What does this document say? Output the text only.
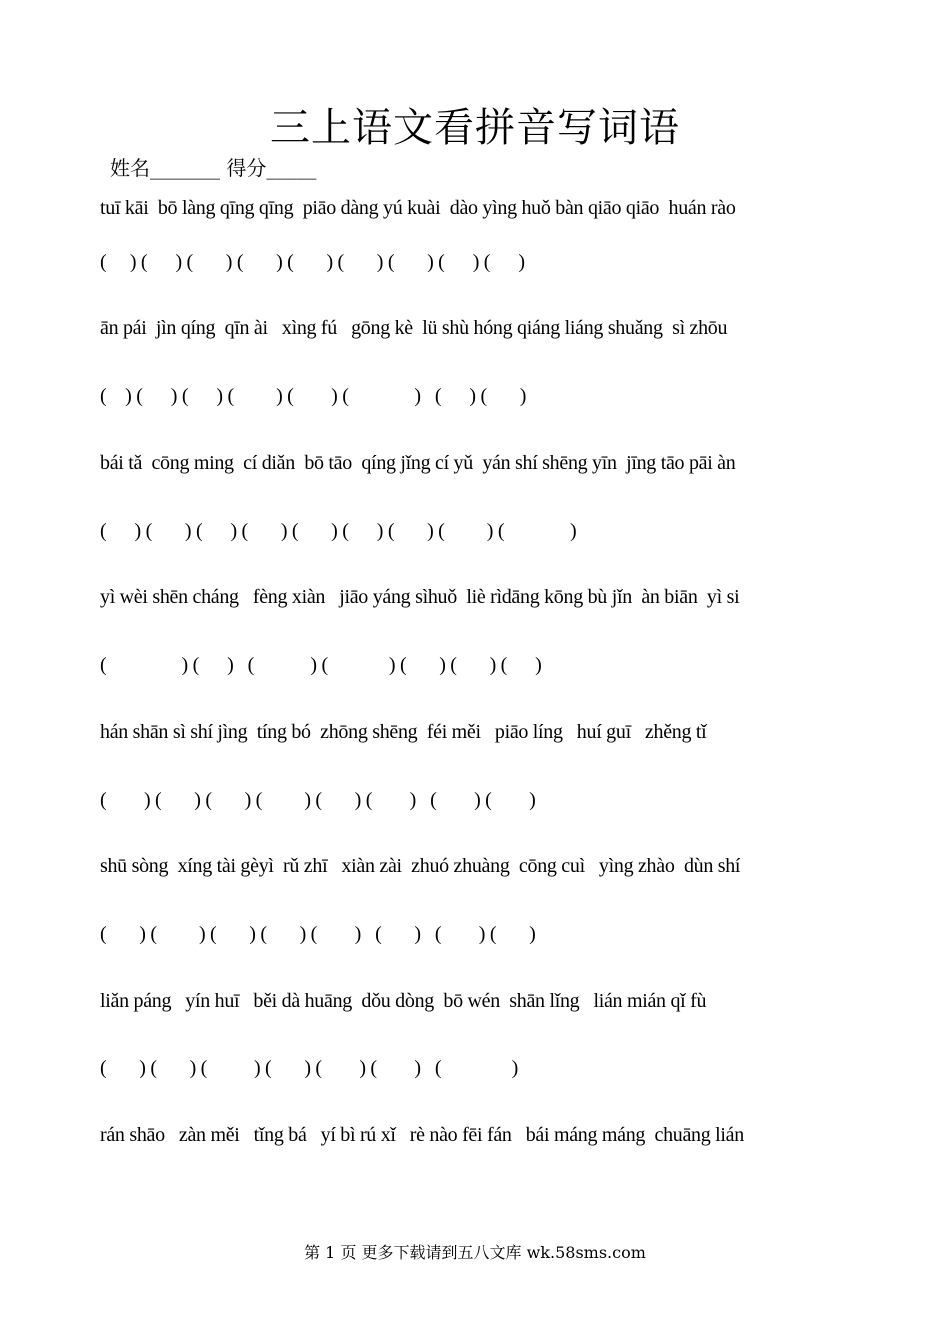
三上语文看拼音写词语
姓名_______ 得分_____
tuī kāi  bō làng qīng qīng  piāo dàng yú kuài  dào yìng huǒ bàn qiāo qiāo  huán rào
(     ) (      ) (       ) (       ) (       ) (       ) (       ) (      ) (      )
ān pái  jìn qíng  qīn ài   xìng fú   gōng kè  lü shù hóng qiáng liáng shuǎng  sì zhōu
(    ) (      ) (      ) (         ) (        ) (              )   (      ) (       )
bái tǎ  cōng ming  cí diǎn  bō tāo  qíng jǐng cí yǔ  yán shí shēng yīn  jīng tāo pāi àn
(      ) (       ) (      ) (       ) (       ) (      ) (       ) (         ) (              )
yì wèi shēn cháng   fèng xiàn   jiāo yáng sìhuǒ  liè rìdāng kōng bù jǐn  àn biān  yì si
(                ) (      )   (            ) (             ) (       ) (       ) (      )
hán shān sì shí jìng  tíng bó  zhōng shēng  féi měi   piāo líng   huí guī   zhěng tǐ
(        ) (       ) (       ) (         ) (       ) (        )   (        ) (        )
shū sòng  xíng tài gèyì  rǔ zhī   xiàn zài  zhuó zhuàng  cōng cuì   yìng zhào  dùn shí
(       ) (         ) (       ) (       ) (        )   (       )   (        ) (       )
liǎn páng   yín huī   běi dà huāng  dǒu dòng  bō wén  shān lǐng   lián mián qǐ fù
(       ) (       ) (          ) (       ) (        ) (        )   (               )
rán shāo   zàn měi   tǐng bá   yí bì rú xǐ   rè nào fēi fán   bái máng máng  chuāng lián
第 1 页 更多下载请到五八文库 wk.58sms.com
